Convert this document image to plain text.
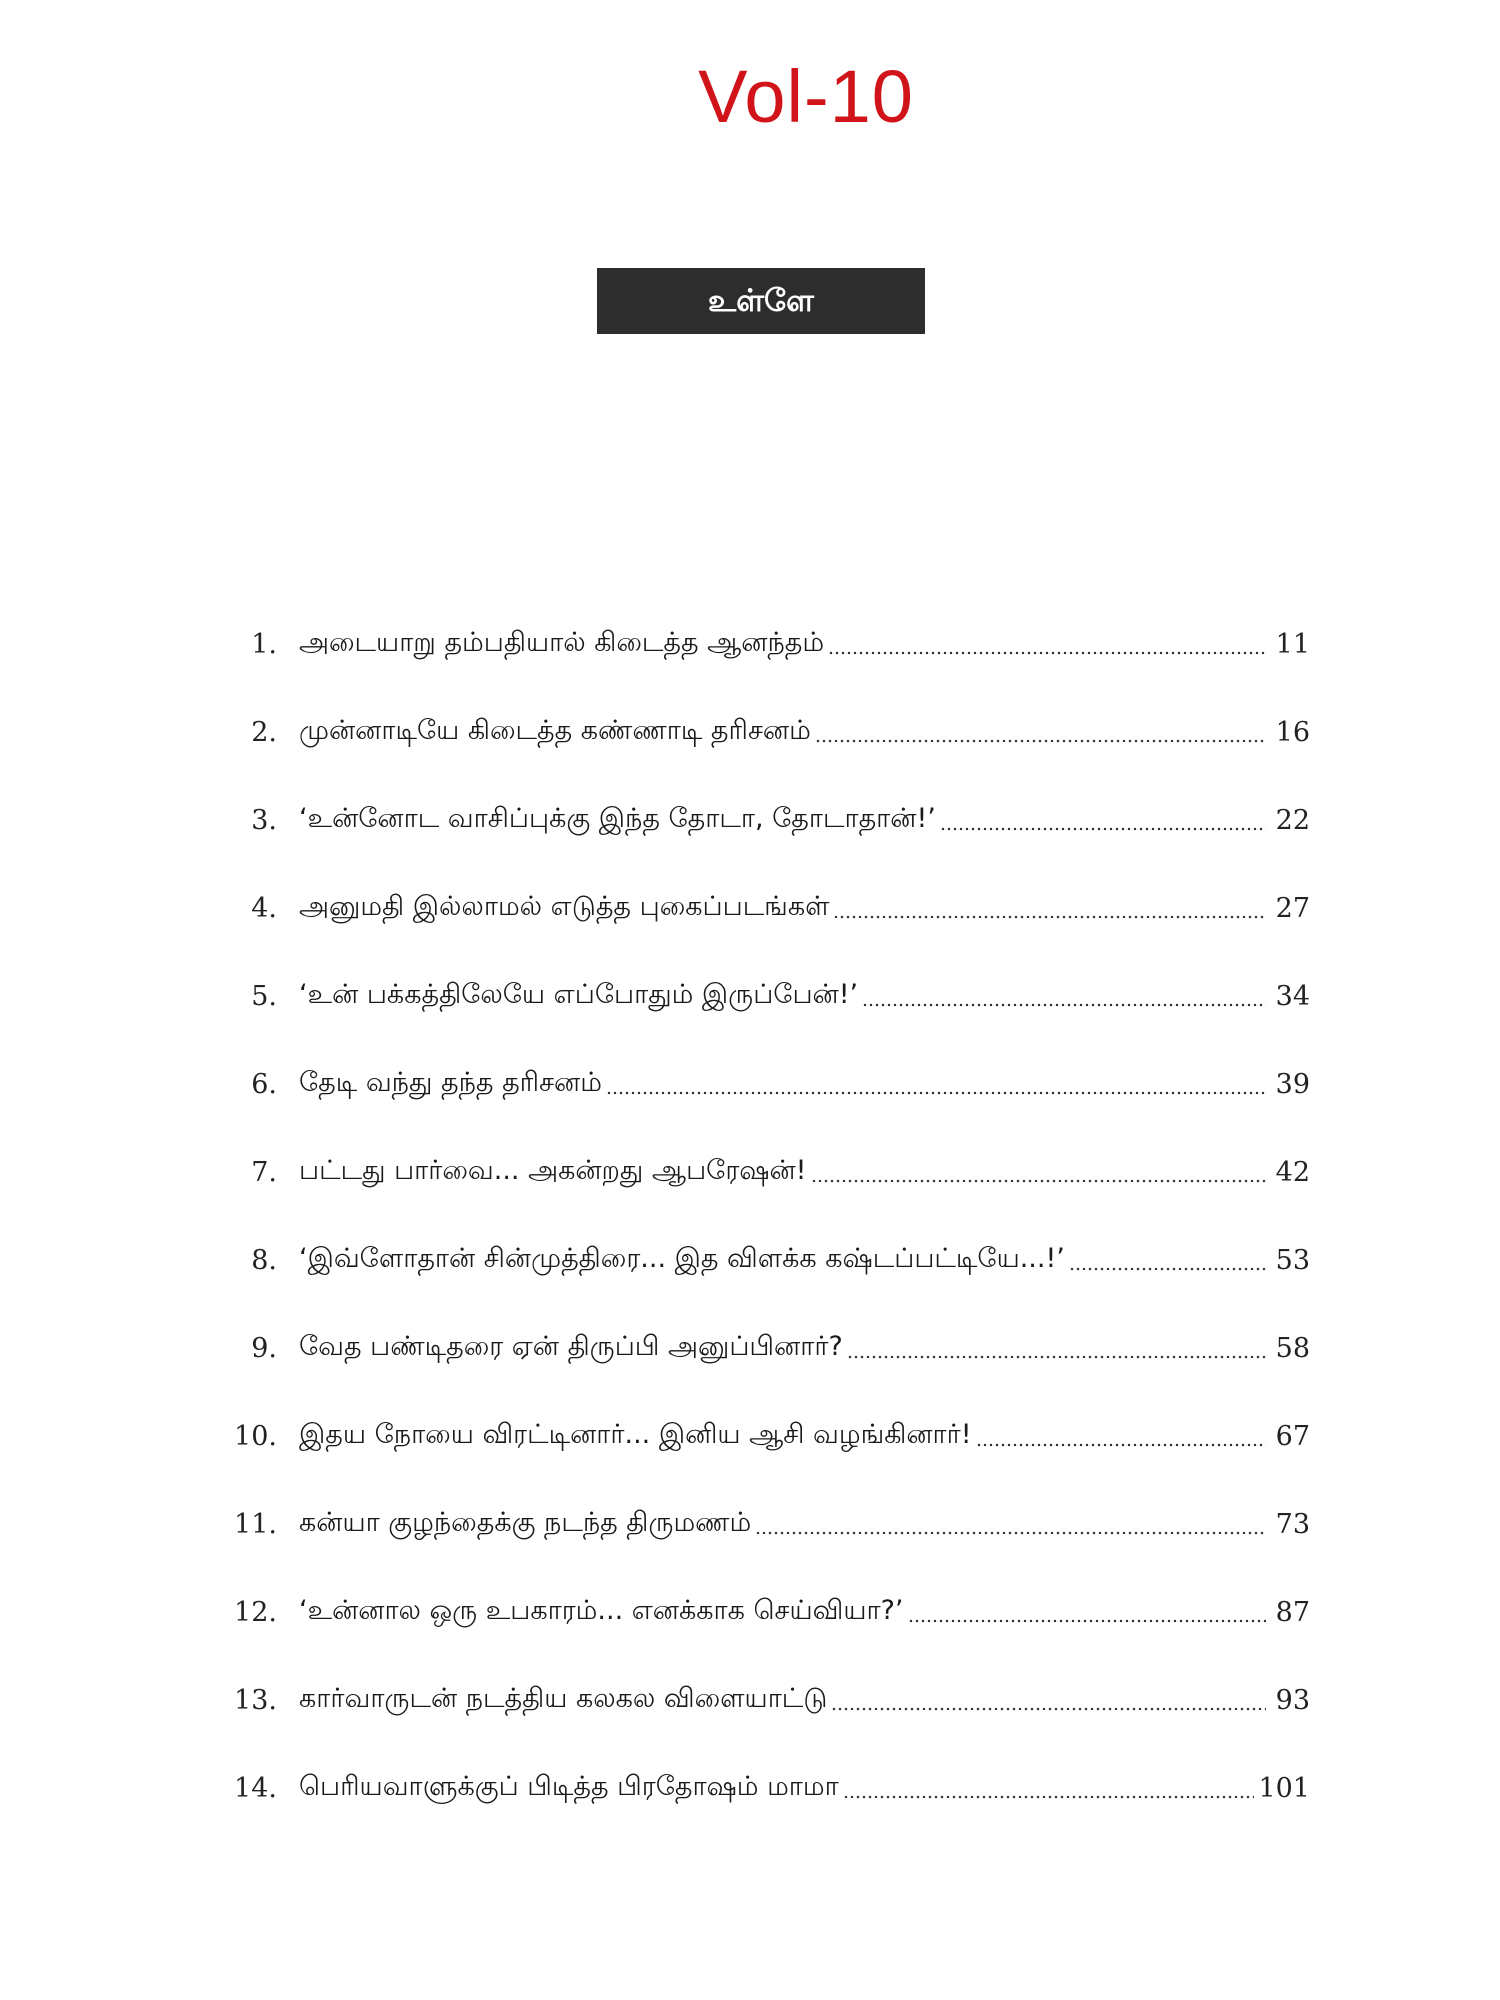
Vol-10
உள்ளே
1 .	அடையாறு தம்பதியால் கிடைத்த ஆனந்தம்	11
2 .	முன்னாடியே கிடைத்த கண்ணாடி தரிசனம்	16
3 .	‘உன்னோட வாசிப்புக்கு இந்த தோடா, தோடாதான்!’	22
4 .	அனுமதி இல்லாமல் எடுத்த புகைப்படங்கள்	27
5 .	‘உன் பக்கத்திலேயே எப்போதும் இருப்பேன்!’	34
6 .	தேடி வந்து தந்த தரிசனம்	39
7 .	பட்டது பார்வை... அகன்றது ஆபரேஷன்!	42
8 .	‘இவ்ளோதான் சின்முத்திரை... இத விளக்க கஷ்டப்பட்டியே...!’	53
9 .	வேத பண்டிதரை ஏன் திருப்பி அனுப்பினார்?	58
10 .	இதய நோயை விரட்டினார்... இனிய ஆசி வழங்கினார்!	67
11 .	கன்யா குழந்தைக்கு நடந்த திருமணம்	73
12 .	‘உன்னால ஒரு உபகாரம்... எனக்காக செய்வியா?’	87
13 .	கார்வாருடன் நடத்திய கலகல விளையாட்டு	93
14 .	பெரியவாளுக்குப் பிடித்த பிரதோஷம் மாமா	101
